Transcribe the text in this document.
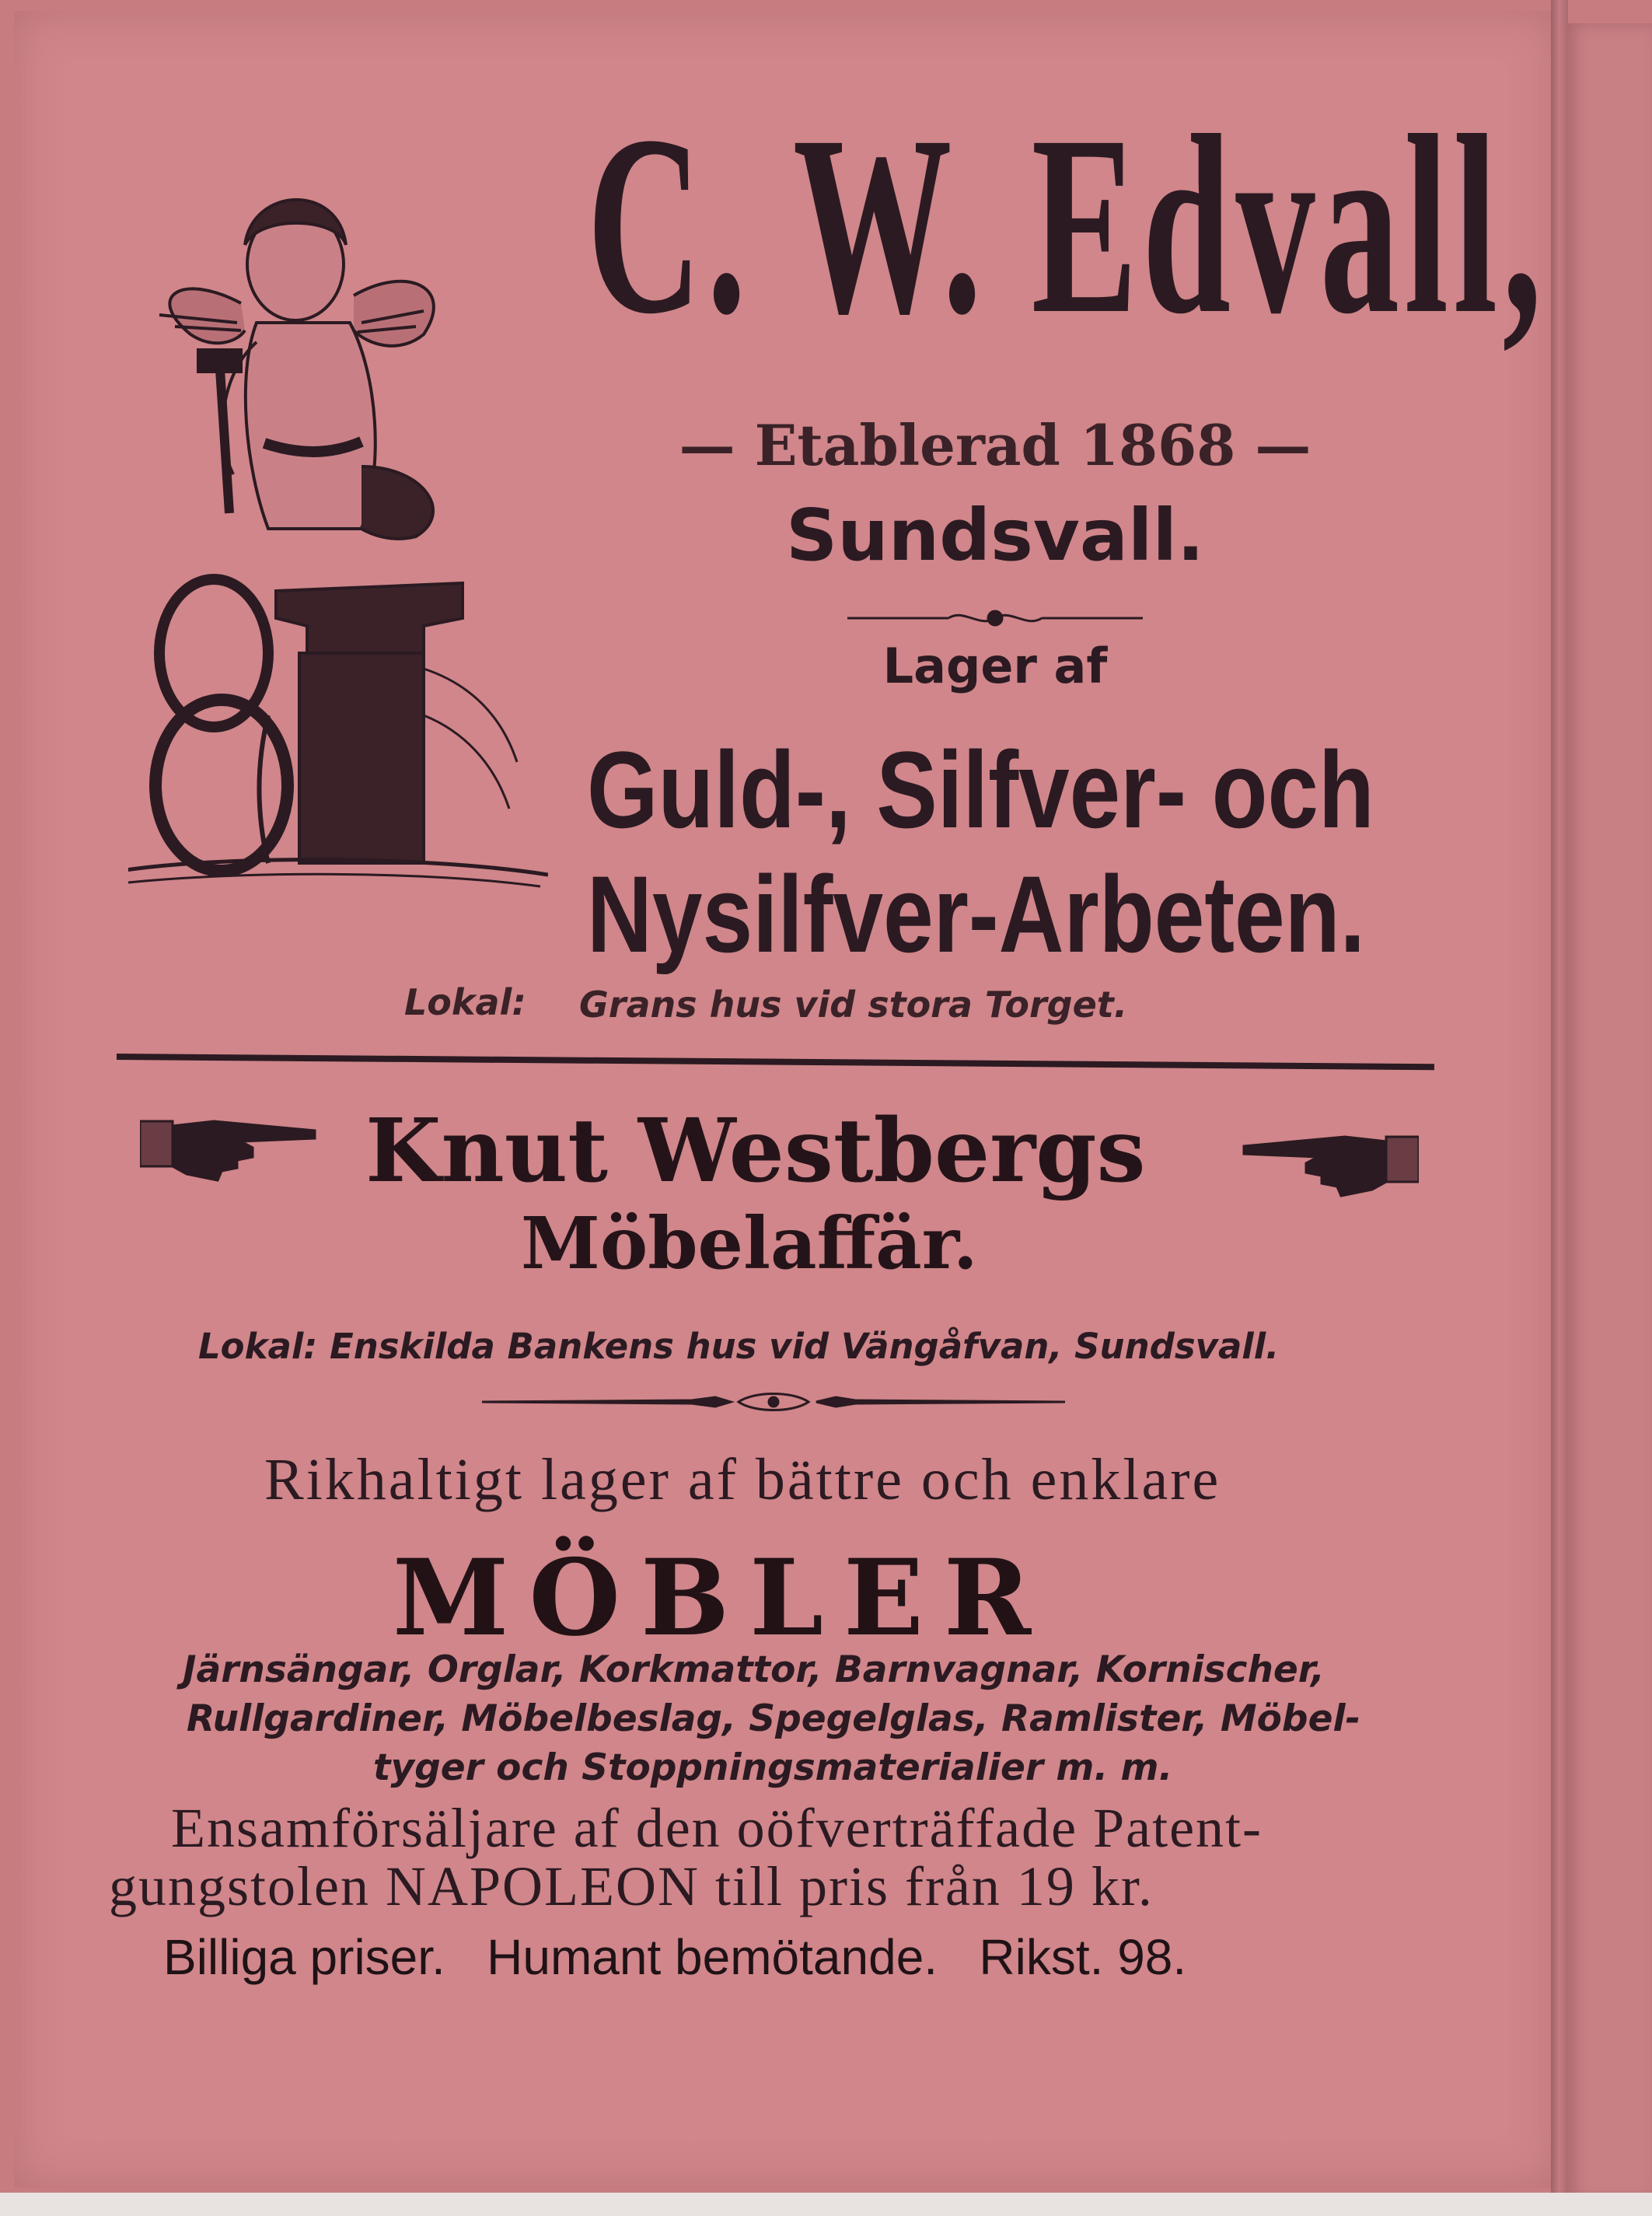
C. W. Edvall,

— Etablerad 1868 —

Sundsvall.

Lager af

Guld-, Silfver- och

Nysilfver-Arbeten.

Lokal: Grans hus vid stora Torget.

Knut Westbergs

Möbelaffär.

Lokal: Enskilda Bankens hus vid Vängåfvan, Sundsvall.

Rikhaltigt lager af bättre och enklare

MÖBLER

Järnsängar, Orglar, Korkmattor, Barnvagnar, Kornischer,

Rullgardiner, Möbelbeslag, Spegelglas, Ramlister, Möbel-

tyger och Stoppningsmaterialier m. m.

Ensamförsäljare af den oöfverträffade Patent-

gungstolen NAPOLEON till pris från 19 kr.

Billiga priser.   Humant bemötande.   Rikst. 98.
